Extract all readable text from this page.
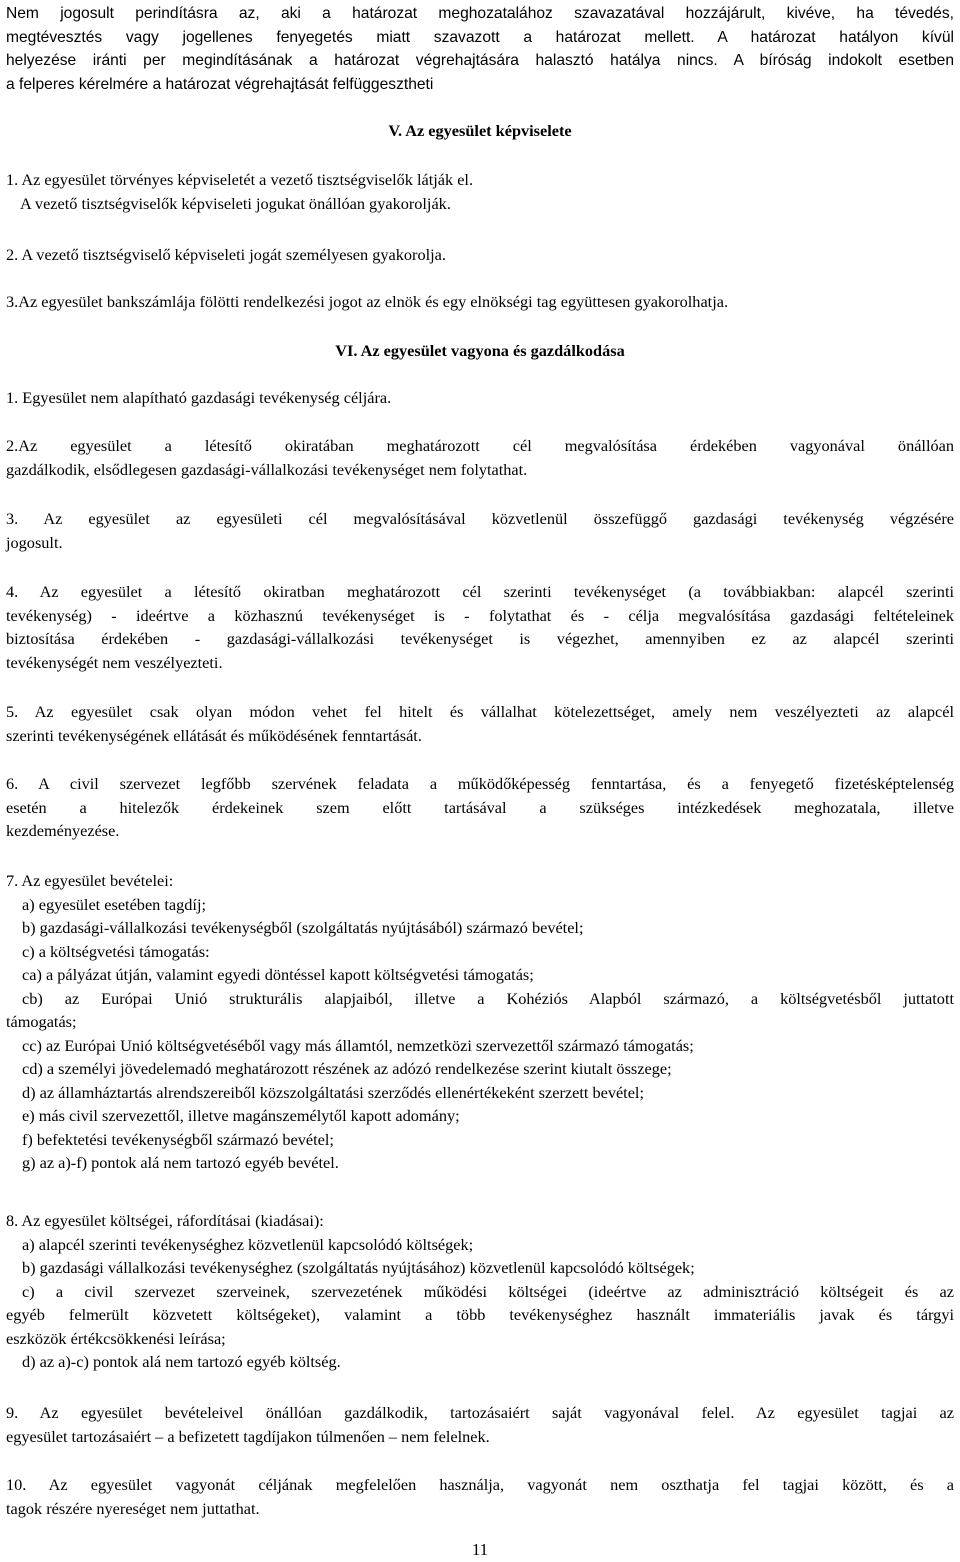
Nem jogosult perindításra az, aki a határozat meghozatalához szavazatával hozzájárult, kivéve, ha tévedés,

megtévesztés vagy jogellenes fenyegetés miatt szavazott a határozat mellett. A határozat hatályon kívül

helyezése iránti per megindításának a határozat végrehajtására halasztó hatálya nincs. A bíróság indokolt esetben

a felperes kérelmére a határozat végrehajtását felfüggesztheti

V. Az egyesület képviselete

1. Az egyesület törvényes képviseletét a vezető tisztségviselők látják el.

A vezető tisztségviselők képviseleti jogukat önállóan gyakorolják.

2. A vezető tisztségviselő képviseleti jogát személyesen gyakorolja.

3.Az egyesület bankszámlája fölötti rendelkezési jogot az elnök és egy elnökségi tag együttesen gyakorolhatja.

VI. Az egyesület vagyona és gazdálkodása

1. Egyesület nem alapítható gazdasági tevékenység céljára.

2.Az egyesület a létesítő okiratában meghatározott cél megvalósítása érdekében vagyonával önállóan

gazdálkodik, elsődlegesen gazdasági-vállalkozási tevékenységet nem folytathat.

3. Az egyesület az egyesületi cél megvalósításával közvetlenül összefüggő gazdasági tevékenység végzésére

jogosult.

4. Az egyesület a létesítő okiratban meghatározott cél szerinti tevékenységet (a továbbiakban: alapcél szerinti

tevékenység) - ideértve a közhasznú tevékenységet is - folytathat és - célja megvalósítása gazdasági feltételeinek

biztosítása érdekében - gazdasági-vállalkozási tevékenységet is végezhet, amennyiben ez az alapcél szerinti

tevékenységét nem veszélyezteti.

5. Az egyesület csak olyan módon vehet fel hitelt és vállalhat kötelezettséget, amely nem veszélyezteti az alapcél

szerinti tevékenységének ellátását és működésének fenntartását.

6. A civil szervezet legfőbb szervének feladata a működőképesség fenntartása, és a fenyegető fizetésképtelenség

esetén a hitelezők érdekeinek szem előtt tartásával a szükséges intézkedések meghozatala, illetve

kezdeményezése.

7. Az egyesület bevételei:

a) egyesület esetében tagdíj;

b) gazdasági-vállalkozási tevékenységből (szolgáltatás nyújtásából) származó bevétel;

c) a költségvetési támogatás:

ca) a pályázat útján, valamint egyedi döntéssel kapott költségvetési támogatás;

cb) az Európai Unió strukturális alapjaiból, illetve a Kohéziós Alapból származó, a költségvetésből juttatott

támogatás;

cc) az Európai Unió költségvetéséből vagy más államtól, nemzetközi szervezettől származó támogatás;

cd) a személyi jövedelemadó meghatározott részének az adózó rendelkezése szerint kiutalt összege;

d) az államháztartás alrendszereiből közszolgáltatási szerződés ellenértékeként szerzett bevétel;

e) más civil szervezettől, illetve magánszemélytől kapott adomány;

f) befektetési tevékenységből származó bevétel;

g) az a)-f) pontok alá nem tartozó egyéb bevétel.

8. Az egyesület költségei, ráfordításai (kiadásai):

a) alapcél szerinti tevékenységhez közvetlenül kapcsolódó költségek;

b) gazdasági vállalkozási tevékenységhez (szolgáltatás nyújtásához) közvetlenül kapcsolódó költségek;

c) a civil szervezet szerveinek, szervezetének működési költségei (ideértve az adminisztráció költségeit és az

egyéb felmerült közvetett költségeket), valamint a több tevékenységhez használt immateriális javak és tárgyi

eszközök értékcsökkenési leírása;

d) az a)-c) pontok alá nem tartozó egyéb költség.

9. Az egyesület bevételeivel önállóan gazdálkodik, tartozásaiért saját vagyonával felel. Az egyesület tagjai az

egyesület tartozásaiért – a befizetett tagdíjakon túlmenően – nem felelnek.

10. Az egyesület vagyonát céljának megfelelően használja, vagyonát nem oszthatja fel tagjai között, és a

tagok részére nyereséget nem juttathat.

11
